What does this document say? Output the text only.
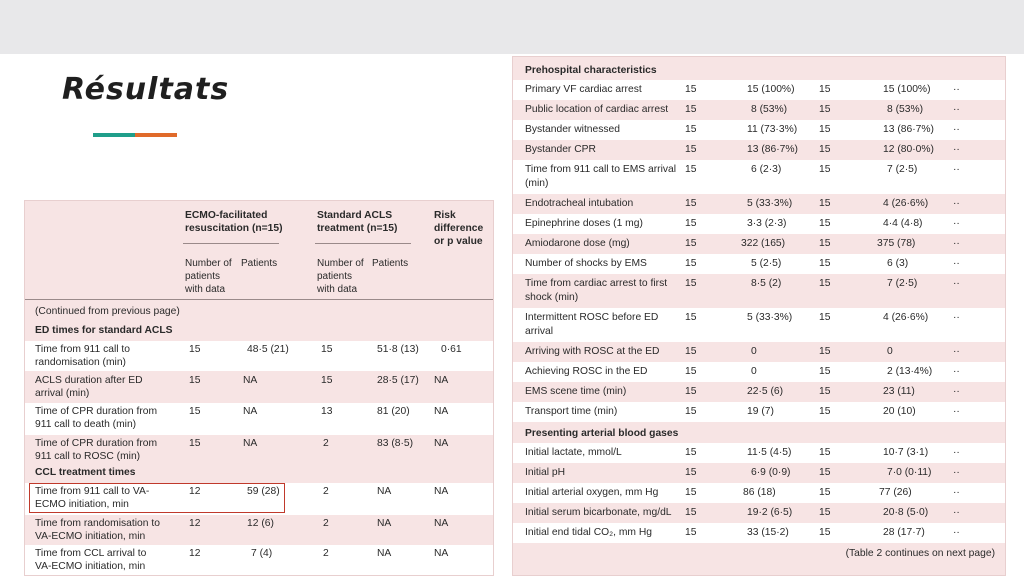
Résultats
ECMO-facilitated resuscitation (n=15)
Standard ACLS treatment (n=15)
Risk difference or p value
Number of patients with data
Patients	Number of patients with data
Patients
(Continued from previous page)
ED times for standard ACLS
Time from 911 call to randomisation (min)
15	48·5 (21)	15	51·8 (13) 0·61
ACLS duration after ED arrival (min)
15	NA	15	28·5 (17) NA
Time of CPR duration from 911 call to death (min)
15	NA	13	81 (20) NA
Time of CPR duration from 911 call to ROSC (min)
15	NA	2	83 (8·5) NA
CCL treatment times
Time from 911 call to VA-ECMO initiation, min
12	59 (28)	2	NA	NA
Time from randomisation to VA-ECMO initiation, min
12	12 (6)	2	NA	NA
Time from CCL arrival to VA-ECMO initiation, min
12	7 (4)	2	NA	NA
Prehospital characteristics
Primary VF cardiac arrest	15	15 (100%) 15	15 (100%) ··
Public location of cardiac arrest 15	8 (53%)	15	8 (53%)	··
Bystander witnessed	15	11 (73·3%) 15	13 (86·7%) ··
Bystander CPR	15	13 (86·7%) 15	12 (80·0%) ··
Time from 911 call to EMS arrival (min)
15	6 (2·3)	15	7 (2·5)	··
Endotracheal intubation	15	5 (33·3%)	15	4 (26·6%) ··
Epinephrine doses (1 mg)	15	3·3 (2·3)	15	4·4 (4·8)	··
Amiodarone dose (mg)	15	322 (165)	15	375 (78)	··
Number of shocks by EMS	15	5 (2·5)	15	6 (3)	··
Time from cardiac arrest to first shock (min)
15	8·5 (2)	15	7 (2·5)	··
Intermittent ROSC before ED arrival
15	5 (33·3%)	15	4 (26·6%) ··
Arriving with ROSC at the ED 15	0	15	0	··
Achieving ROSC in the ED	15	0	15	2 (13·4%) ··
EMS scene time (min)	15	22·5 (6)	15	23 (11)	··
Transport time (min)	15	19 (7)	15	20 (10)	··
Presenting arterial blood gases
Initial lactate, mmol/L	15	11·5 (4·5)	15	10·7 (3·1) ··
Initial pH	15	6·9 (0·9)	15	7·0 (0·11) ··
Initial arterial oxygen, mm Hg	15	86 (18)	15	77 (26)	··
Initial serum bicarbonate, mg/dL 15	19·2 (6·5)	15	20·8 (5·0) ··
Initial end tidal CO₂, mm Hg	15	33 (15·2)	15	28 (17·7)	··
(Table 2 continues on next page)
